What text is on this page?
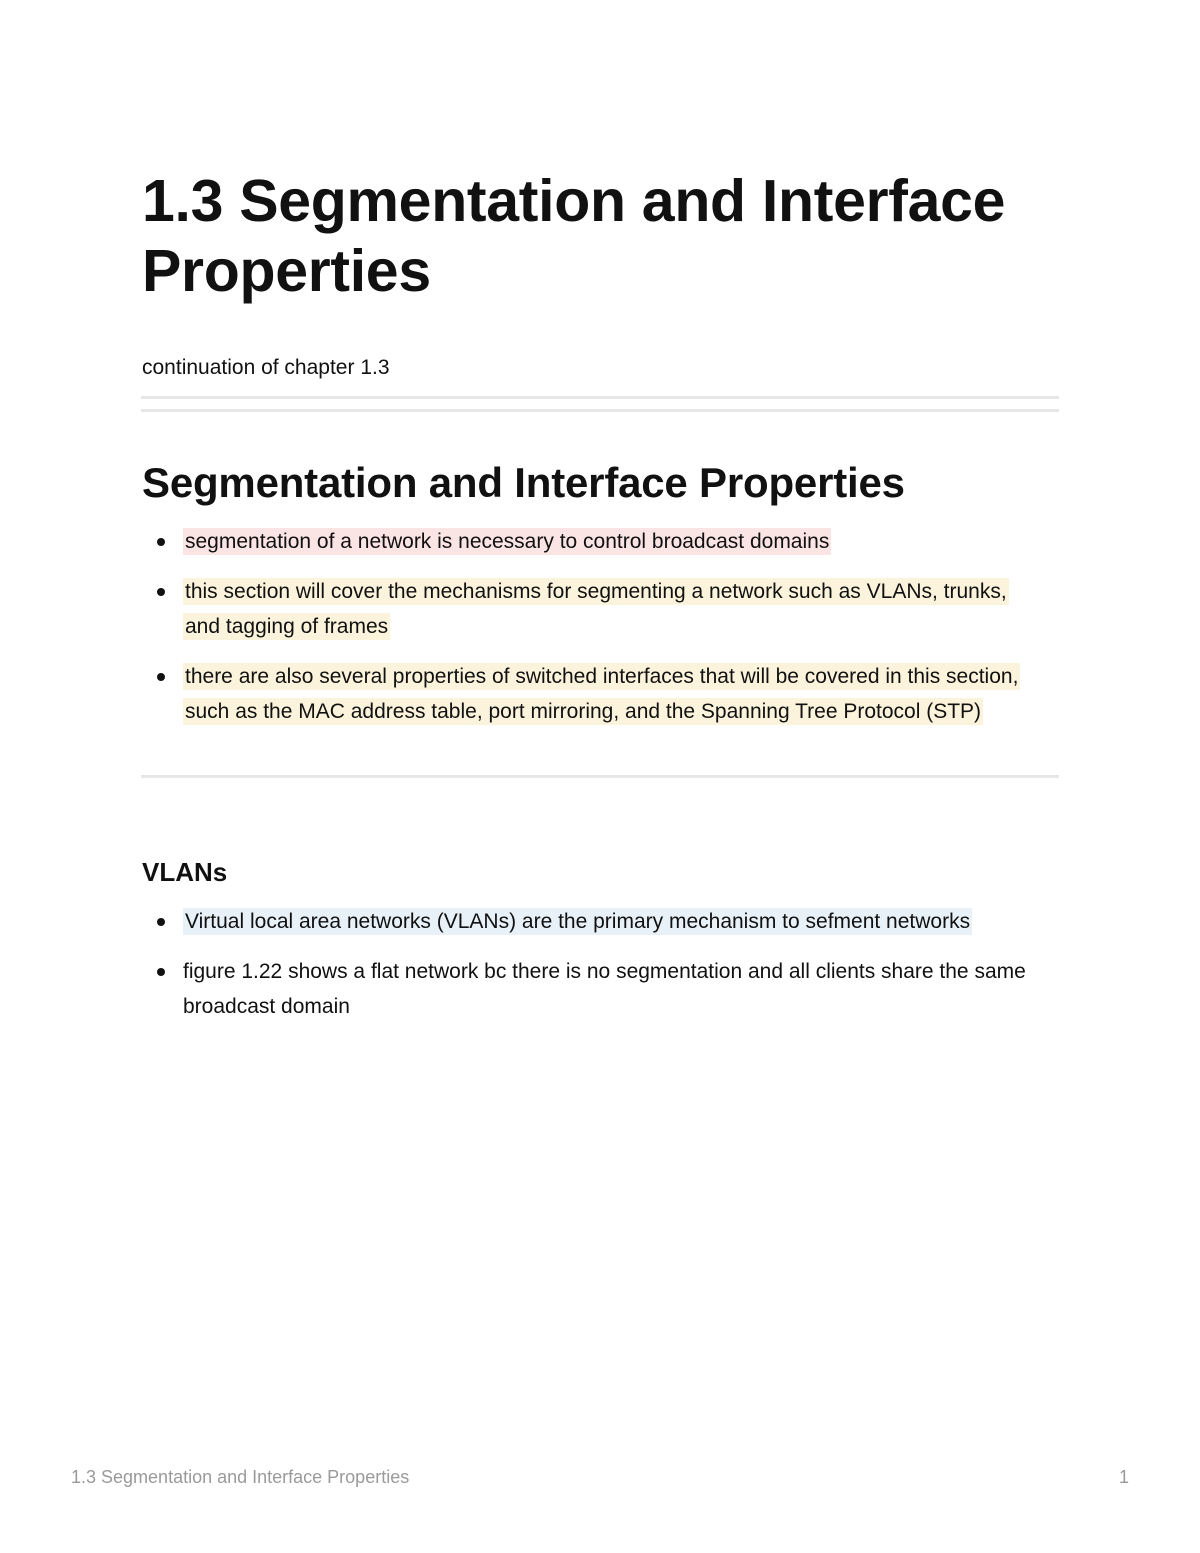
1.3 Segmentation and Interface Properties

continuation of chapter 1.3

Segmentation and Interface Properties
segmentation of a network is necessary to control broadcast domains
this section will cover the mechanisms for segmenting a network such as VLANs, trunks, and tagging of frames
there are also several properties of switched interfaces that will be covered in this section, such as the MAC address table, port mirroring, and the Spanning Tree Protocol (STP)
VLANs
Virtual local area networks (VLANs) are the primary mechanism to sefment networks
figure 1.22 shows a flat network bc there is no segmentation and all clients share the same broadcast domain
1.3 Segmentation and Interface Properties	1
